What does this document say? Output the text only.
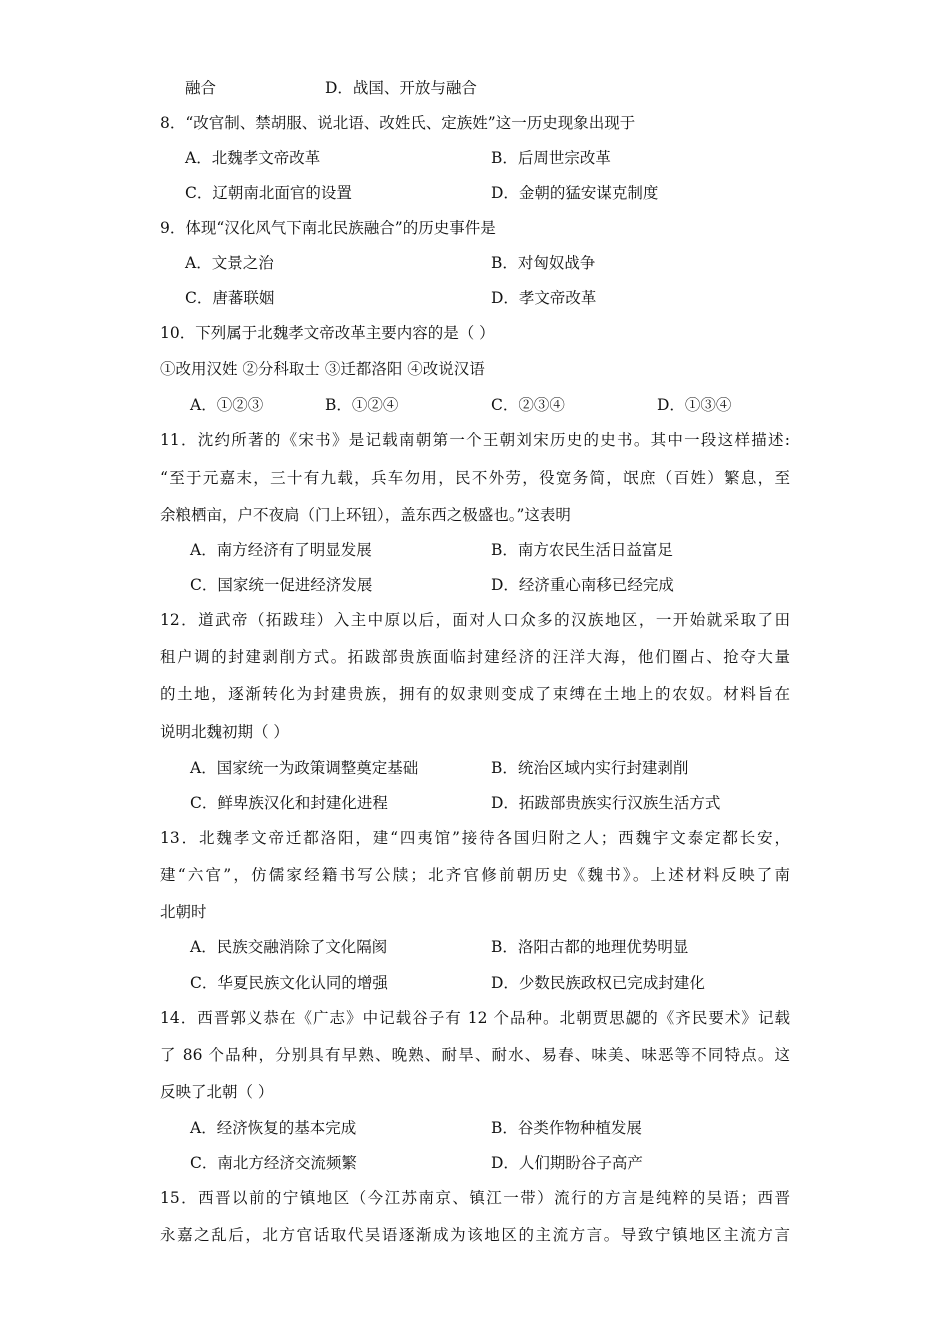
融合	D．战国、开放与融合
8．“改官制、禁胡服、说北语、改姓氏、定族姓”这一历史现象出现于
A．北魏孝文帝改革	B．后周世宗改革
C．辽朝南北面官的设置	D．金朝的猛安谋克制度
9．体现“汉化风气下南北民族融合”的历史事件是
A．文景之治	B．对匈奴战争
C．唐蕃联姻	D．孝文帝改革
10．下列属于北魏孝文帝改革主要内容的是（ ）
①改用汉姓 ②分科取士 ③迁都洛阳 ④改说汉语
A．①②③	B．①②④	C．②③④	D．①③④
11．沈约所著的《宋书》是记载南朝第一个王朝刘宋历史的史书。其中一段这样描述:
“至于元嘉末，三十有九载，兵车勿用，民不外劳，役宽务简，氓庶（百姓）繁息，至
余粮栖亩，户不夜扃（门上环钮），盖东西之极盛也。”这表明
A．南方经济有了明显发展	B．南方农民生活日益富足
C．国家统一促进经济发展	D．经济重心南移已经完成
12．道武帝（拓跋珪）入主中原以后，面对人口众多的汉族地区，一开始就采取了田
租户调的封建剥削方式。拓跋部贵族面临封建经济的汪洋大海，他们圈占、抢夺大量
的土地，逐渐转化为封建贵族，拥有的奴隶则变成了束缚在土地上的农奴。材料旨在
说明北魏初期（ ）
A．国家统一为政策调整奠定基础	B．统治区域内实行封建剥削
C．鲜卑族汉化和封建化进程	D．拓跋部贵族实行汉族生活方式
13．北魏孝文帝迁都洛阳，建“四夷馆”接待各国归附之人；西魏宇文泰定都长安，
建“六官”，仿儒家经籍书写公牍；北齐官修前朝历史《魏书》。上述材料反映了南
北朝时
A．民族交融消除了文化隔阂	B．洛阳古都的地理优势明显
C．华夏民族文化认同的增强	D．少数民族政权已完成封建化
14．西晋郭义恭在《广志》中记载谷子有 12 个品种。北朝贾思勰的《齐民要术》记载
了 86 个品种，分别具有早熟、晚熟、耐旱、耐水、易春、味美、味恶等不同特点。这
反映了北朝（ ）
A．经济恢复的基本完成	B．谷类作物种植发展
C．南北方经济交流频繁	D．人们期盼谷子高产
15．西晋以前的宁镇地区（今江苏南京、镇江一带）流行的方言是纯粹的吴语；西晋
永嘉之乱后，北方官话取代吴语逐渐成为该地区的主流方言。导致宁镇地区主流方言
